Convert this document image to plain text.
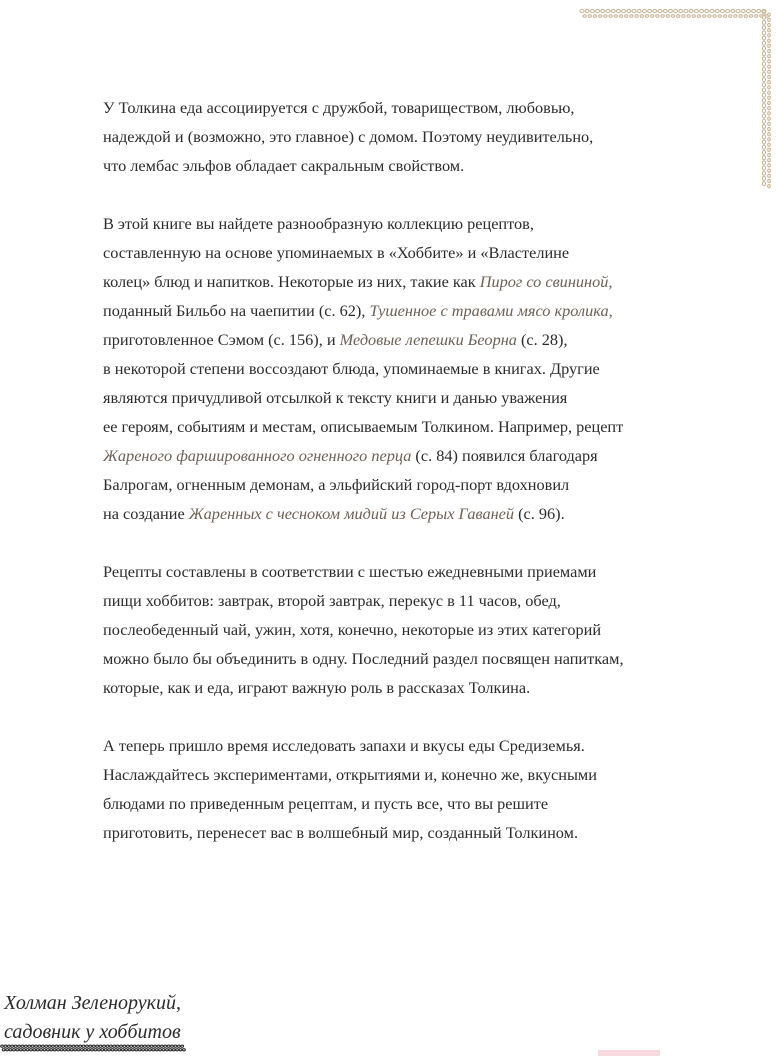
У Толкина еда ассоциируется с дружбой, товариществом, любовью,
надеждой и (возможно, это главное) с домом. Поэтому неудивительно,
что лембас эльфов обладает сакральным свойством.

В этой книге вы найдете разнообразную коллекцию рецептов,
составленную на основе упоминаемых в «Хоббите» и «Властелине
колец» блюд и напитков. Некоторые из них, такие как Пирог со свининой,
поданный Бильбо на чаепитии (с. 62), Тушенное с травами мясо кролика,
приготовленное Сэмом (с. 156), и Медовые лепешки Беорна (с. 28),
в некоторой степени воссоздают блюда, упоминаемые в книгах. Другие
являются причудливой отсылкой к тексту книги и данью уважения
ее героям, событиям и местам, описываемым Толкином. Например, рецепт
Жареного фаршированного огненного перца (с. 84) появился благодаря
Балрогам, огненным демонам, а эльфийский город-порт вдохновил
на создание Жаренных с чесноком мидий из Серых Гаваней (с. 96).

Рецепты составлены в соответствии с шестью ежедневными приемами
пищи хоббитов: завтрак, второй завтрак, перекус в 11 часов, обед,
послеобеденный чай, ужин, хотя, конечно, некоторые из этих категорий
можно было бы объединить в одну. Последний раздел посвящен напиткам,
которые, как и еда, играют важную роль в рассказах Толкина.

А теперь пришло время исследовать запахи и вкусы еды Средиземья.
Наслаждайтесь экспериментами, открытиями и, конечно же, вкусными
блюдами по приведенным рецептам, и пусть все, что вы решите
приготовить, перенесет вас в волшебный мир, созданный Толкином.

Холман Зеленорукий,
садовник у хоббитов
